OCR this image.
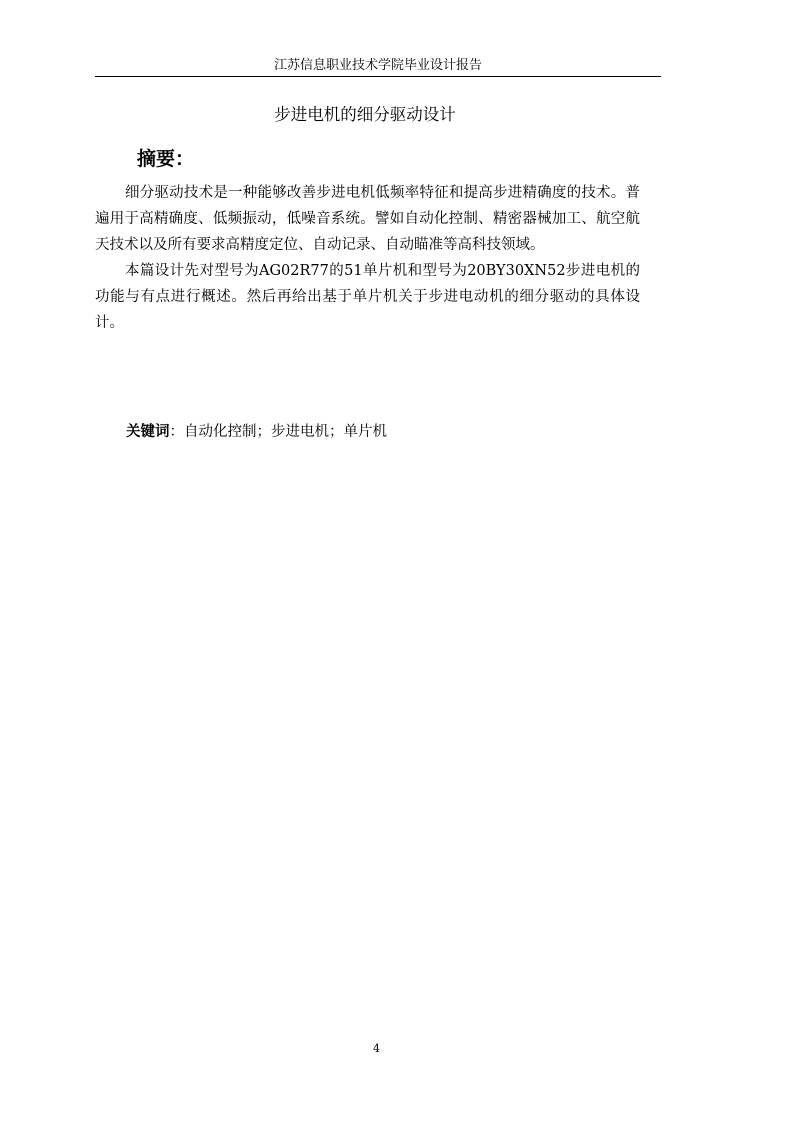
江苏信息职业技术学院毕业设计报告
步进电机的细分驱动设计
摘要：

细分驱动技术是一种能够改善步进电机低频率特征和提高步进精确度的技术。普遍用于高精确度、低频振动，低噪音系统。譬如自动化控制、精密器械加工、航空航天技术以及所有要求高精度定位、自动记录、自动瞄准等高科技领域。

本篇设计先对型号为AG02R77的51单片机和型号为20BY30XN52步进电机的功能与有点进行概述。然后再给出基于单片机关于步进电动机的细分驱动的具体设计。

关键词：自动化控制；步进电机；单片机
4
